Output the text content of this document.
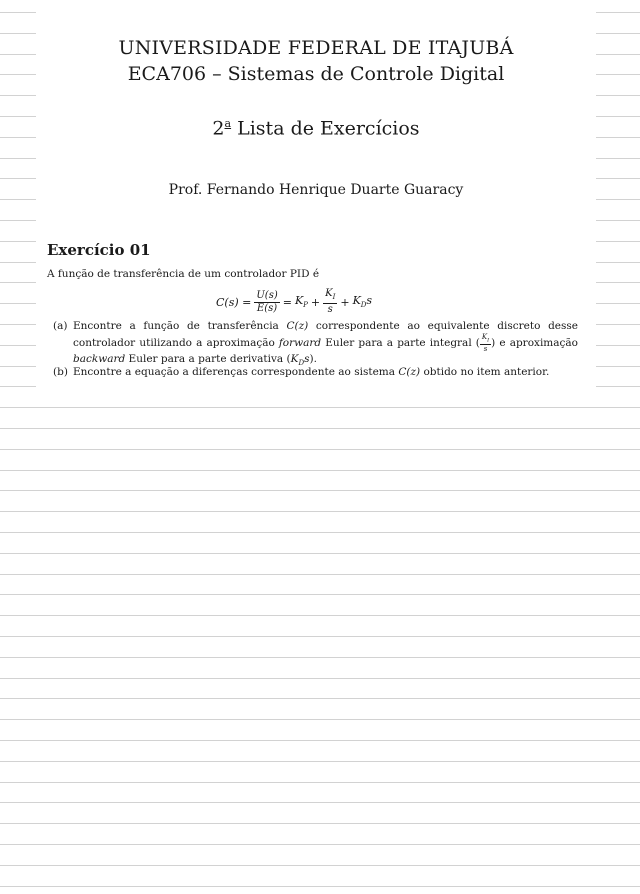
UNIVERSIDADE FEDERAL DE ITAJUBÁ
ECA706 – Sistemas de Controle Digital
2$^a$ Lista de Exercícios
Prof. Fernando Henrique Duarte Guaracy
Exercício 01
A função de transferência de um controlador PID é
$C(s) = \frac{U(s)}{E(s)} = K_P + \frac{K_I}{s} + K_Ds$
(a) Encontre a função de transferência C(z) correspondente ao equivalente discreto desse controlador utilizando a aproximação forward Euler para a parte integral ( $\frac{K_I}{s}$ ) e aproximação backward Euler para a parte derivativa $(K_Ds)$.
(b) Encontre a equação a diferenças correspondente ao sistema C(z) obtido no item anterior.
